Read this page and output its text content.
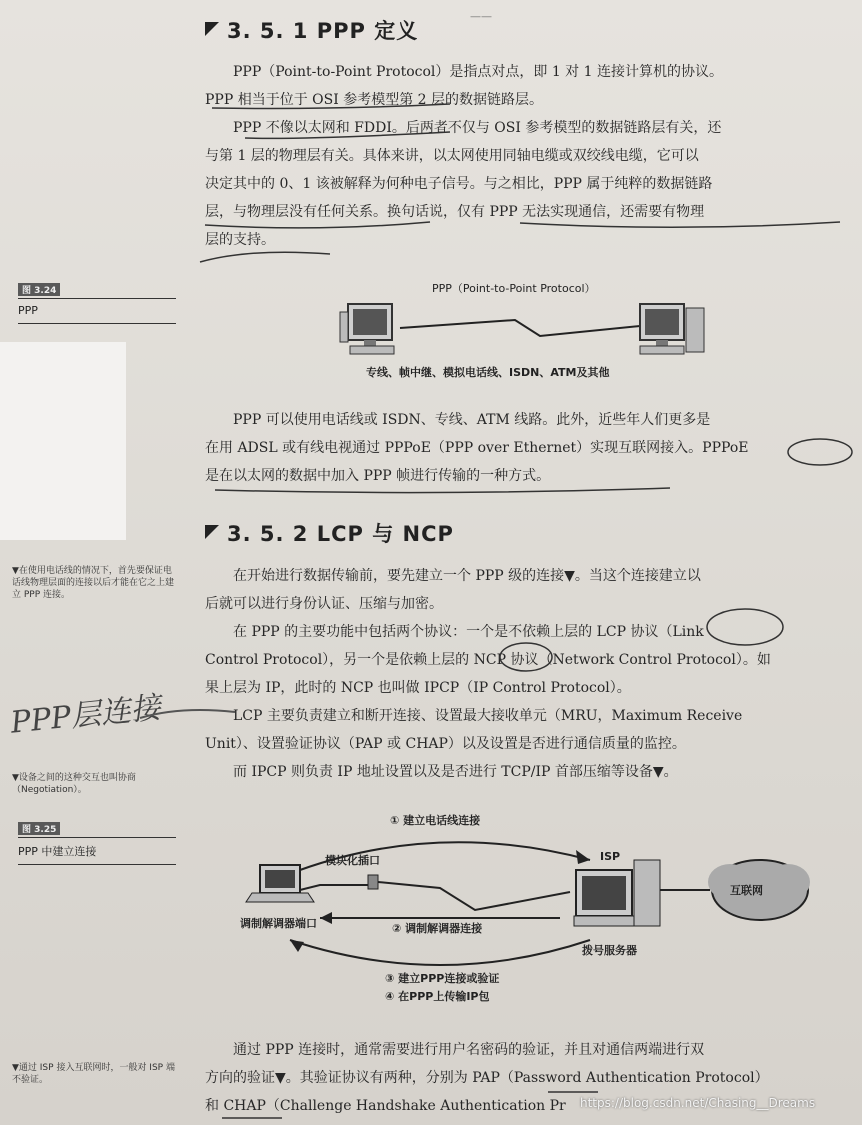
——
3. 5. 1 PPP 定义
PPP（Point-to-Point Protocol）是指点对点，即 1 对 1 连接计算机的协议。
PPP 相当于位于 OSI 参考模型第 2 层的数据链路层。
PPP 不像以太网和 FDDI。后两者不仅与 OSI 参考模型的数据链路层有关，还
与第 1 层的物理层有关。具体来讲，以太网使用同轴电缆或双绞线电缆，它可以
决定其中的 0、1 该被解释为何种电子信号。与之相比，PPP 属于纯粹的数据链路
层，与物理层没有任何关系。换句话说，仅有 PPP 无法实现通信，还需要有物理
层的支持。
图 3.24
PPP
PPP（Point-to-Point Protocol）
专线、帧中继、模拟电话线、ISDN、ATM及其他
PPP 可以使用电话线或 ISDN、专线、ATM 线路。此外，近些年人们更多是
在用 ADSL 或有线电视通过 PPPoE（PPP over Ethernet）实现互联网接入。PPPoE
是在以太网的数据中加入 PPP 帧进行传输的一种方式。
3. 5. 2 LCP 与 NCP
▼在使用电话线的情况下，首先要保证电话线物理层面的连接以后才能在它之上建立 PPP 连接。
在开始进行数据传输前，要先建立一个 PPP 级的连接▼。当这个连接建立以
后就可以进行身份认证、压缩与加密。
在 PPP 的主要功能中包括两个协议：一个是不依赖上层的 LCP 协议（Link
Control Protocol），另一个是依赖上层的 NCP 协议（Network Control Protocol）。如
果上层为 IP，此时的 NCP 也叫做 IPCP（IP Control Protocol）。
LCP 主要负责建立和断开连接、设置最大接收单元（MRU，Maximum Receive
Unit）、设置验证协议（PAP 或 CHAP）以及设置是否进行通信质量的监控。
而 IPCP 则负责 IP 地址设置以及是否进行 TCP/IP 首部压缩等设备▼。
PPP层连接
▼设备之间的这种交互也叫协商（Negotiation）。
图 3.25
PPP 中建立连接
① 建立电话线连接
模块化插口	ISP
调制解调器端口	② 调制解调器连接
互联网
拨号服务器
③ 建立PPP连接或验证
④ 在PPP上传输IP包
▼通过 ISP 接入互联网时，一般对 ISP 端不验证。
通过 PPP 连接时，通常需要进行用户名密码的验证，并且对通信两端进行双
方向的验证▼。其验证协议有两种，分别为 PAP（Password Authentication Protocol）
和 CHAP（Challenge Handshake Authentication Pr	https://blog.csdn.net/Chasing__Dreams
